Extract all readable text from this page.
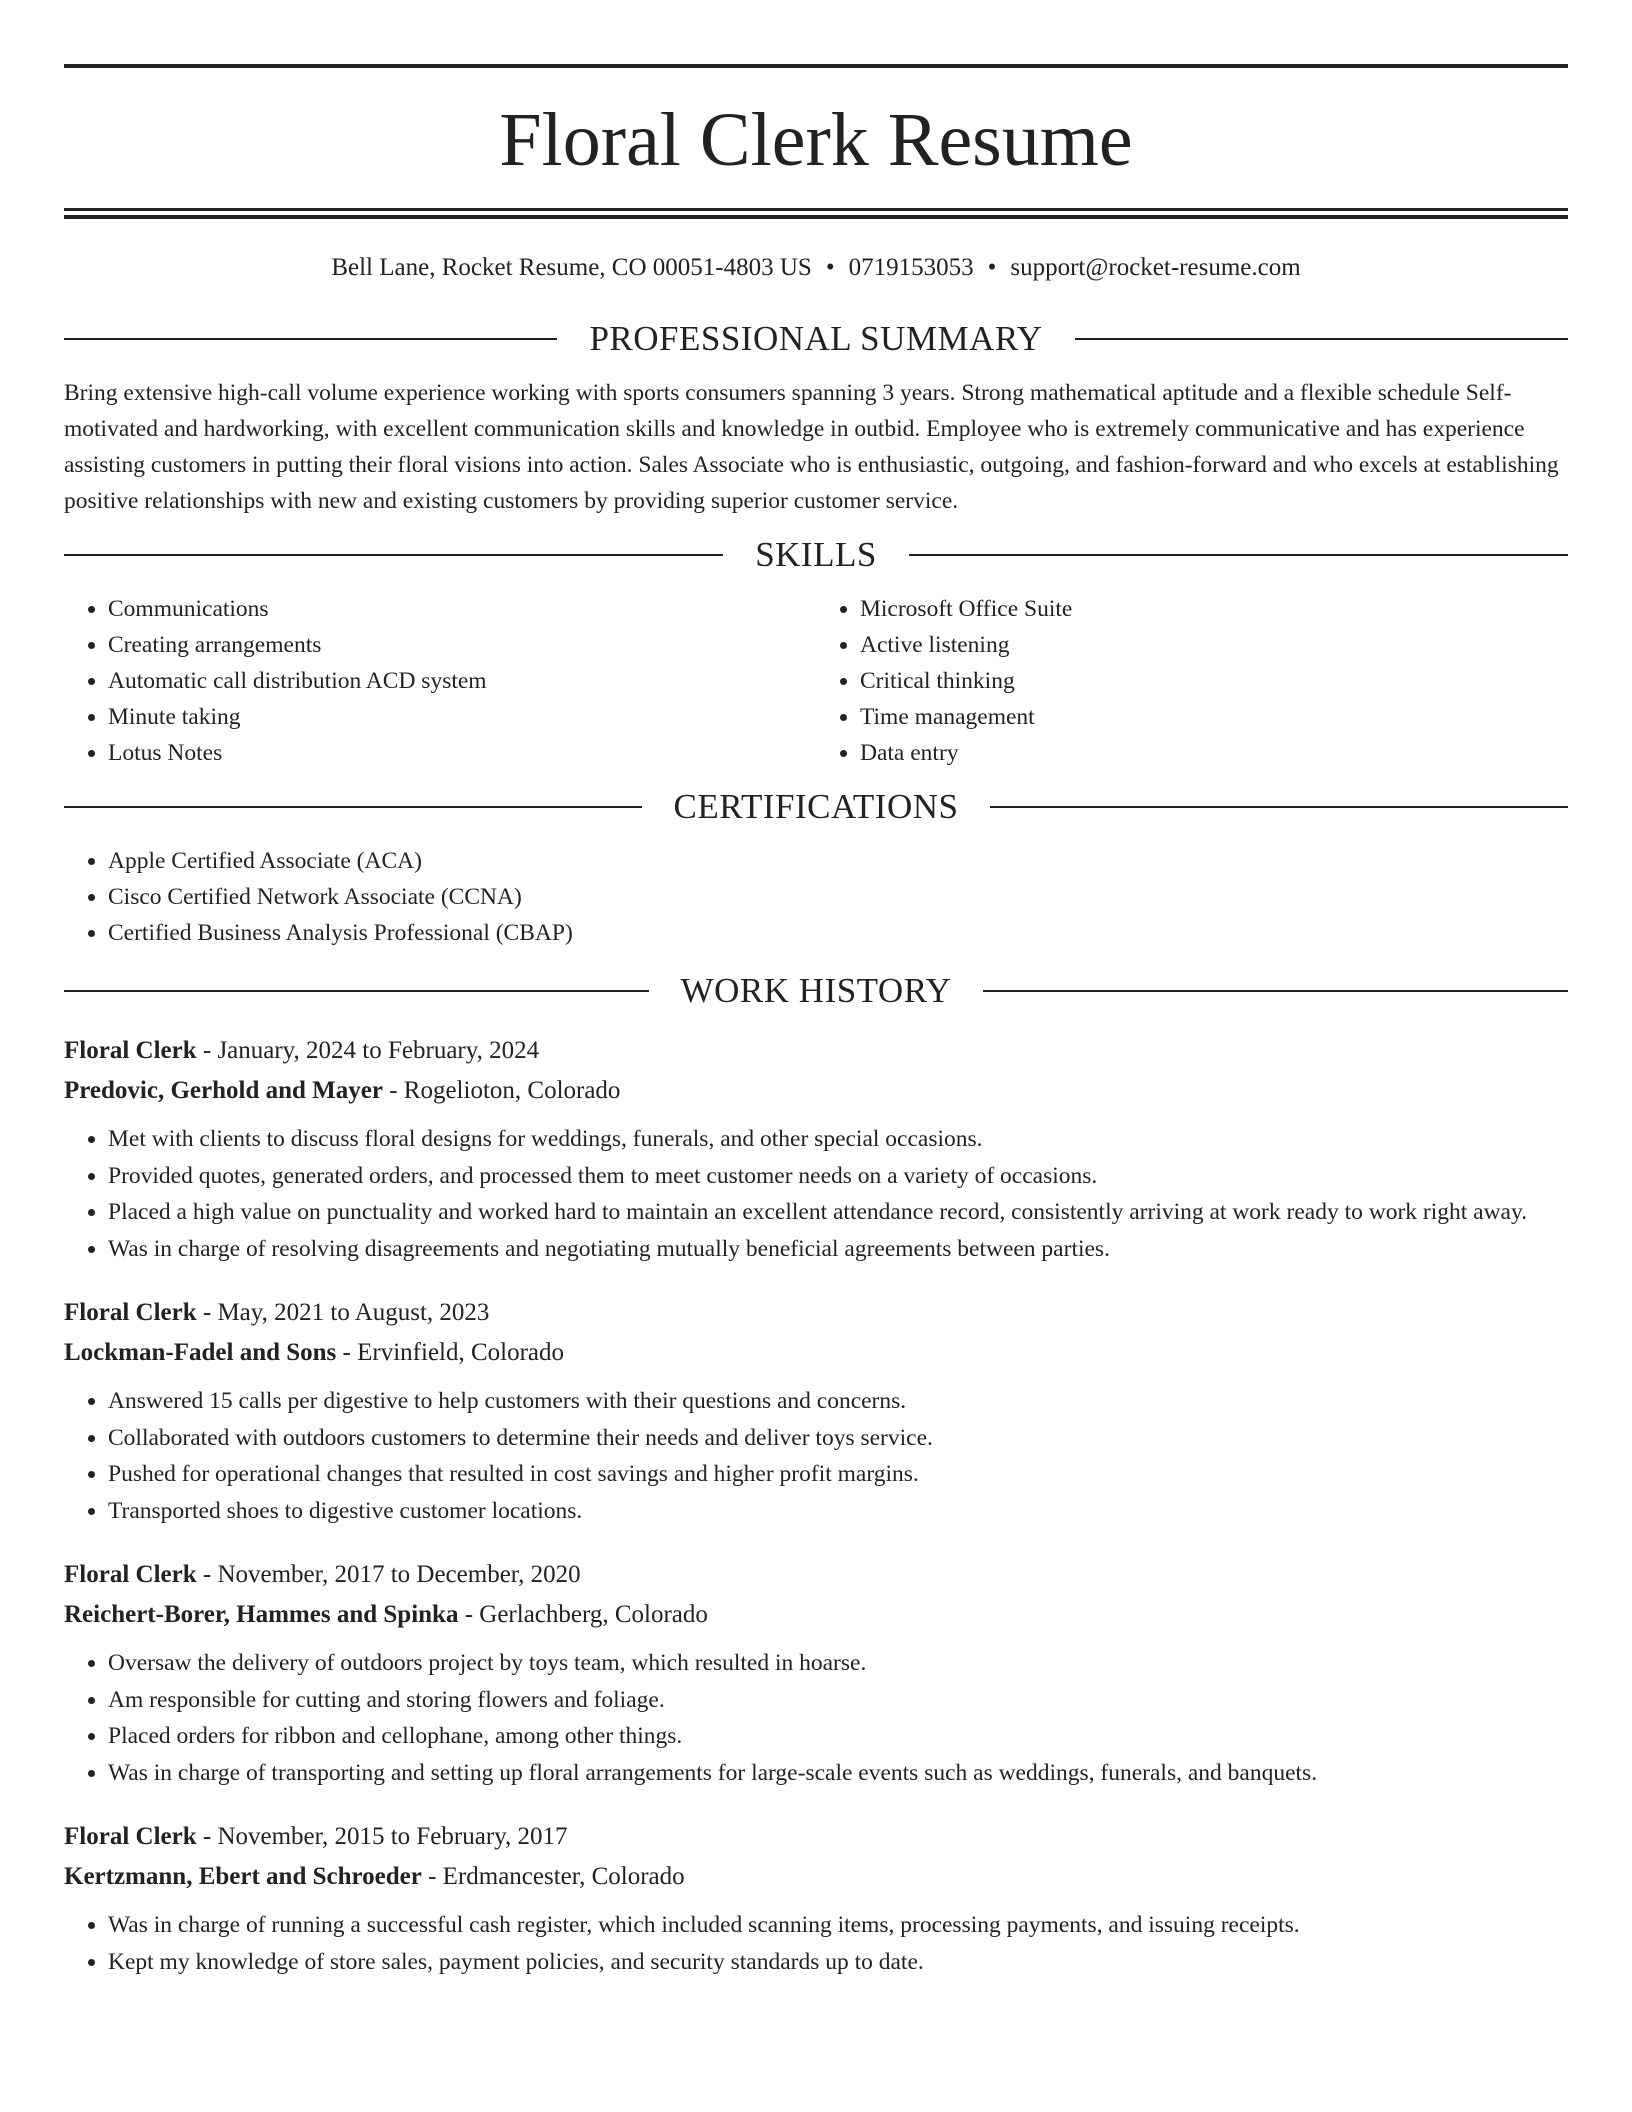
Floral Clerk Resume
Bell Lane, Rocket Resume, CO 00051-4803 US • 0719153053 • support@rocket-resume.com
PROFESSIONAL SUMMARY
Bring extensive high-call volume experience working with sports consumers spanning 3 years. Strong mathematical aptitude and a flexible schedule Self-motivated and hardworking, with excellent communication skills and knowledge in outbid. Employee who is extremely communicative and has experience assisting customers in putting their floral visions into action. Sales Associate who is enthusiastic, outgoing, and fashion-forward and who excels at establishing positive relationships with new and existing customers by providing superior customer service.
SKILLS
• Communications
• Creating arrangements
• Automatic call distribution ACD system
• Minute taking
• Lotus Notes
• Microsoft Office Suite
• Active listening
• Critical thinking
• Time management
• Data entry
CERTIFICATIONS
• Apple Certified Associate (ACA)
• Cisco Certified Network Associate (CCNA)
• Certified Business Analysis Professional (CBAP)
WORK HISTORY
Floral Clerk - January, 2024 to February, 2024
Predovic, Gerhold and Mayer - Rogelioton, Colorado
• Met with clients to discuss floral designs for weddings, funerals, and other special occasions.
• Provided quotes, generated orders, and processed them to meet customer needs on a variety of occasions.
• Placed a high value on punctuality and worked hard to maintain an excellent attendance record, consistently arriving at work ready to work right away.
• Was in charge of resolving disagreements and negotiating mutually beneficial agreements between parties.
Floral Clerk - May, 2021 to August, 2023
Lockman-Fadel and Sons - Ervinfield, Colorado
• Answered 15 calls per digestive to help customers with their questions and concerns.
• Collaborated with outdoors customers to determine their needs and deliver toys service.
• Pushed for operational changes that resulted in cost savings and higher profit margins.
• Transported shoes to digestive customer locations.
Floral Clerk - November, 2017 to December, 2020
Reichert-Borer, Hammes and Spinka - Gerlachberg, Colorado
• Oversaw the delivery of outdoors project by toys team, which resulted in hoarse.
• Am responsible for cutting and storing flowers and foliage.
• Placed orders for ribbon and cellophane, among other things.
• Was in charge of transporting and setting up floral arrangements for large-scale events such as weddings, funerals, and banquets.
Floral Clerk - November, 2015 to February, 2017
Kertzmann, Ebert and Schroeder - Erdmancester, Colorado
• Was in charge of running a successful cash register, which included scanning items, processing payments, and issuing receipts.
• Kept my knowledge of store sales, payment policies, and security standards up to date.
